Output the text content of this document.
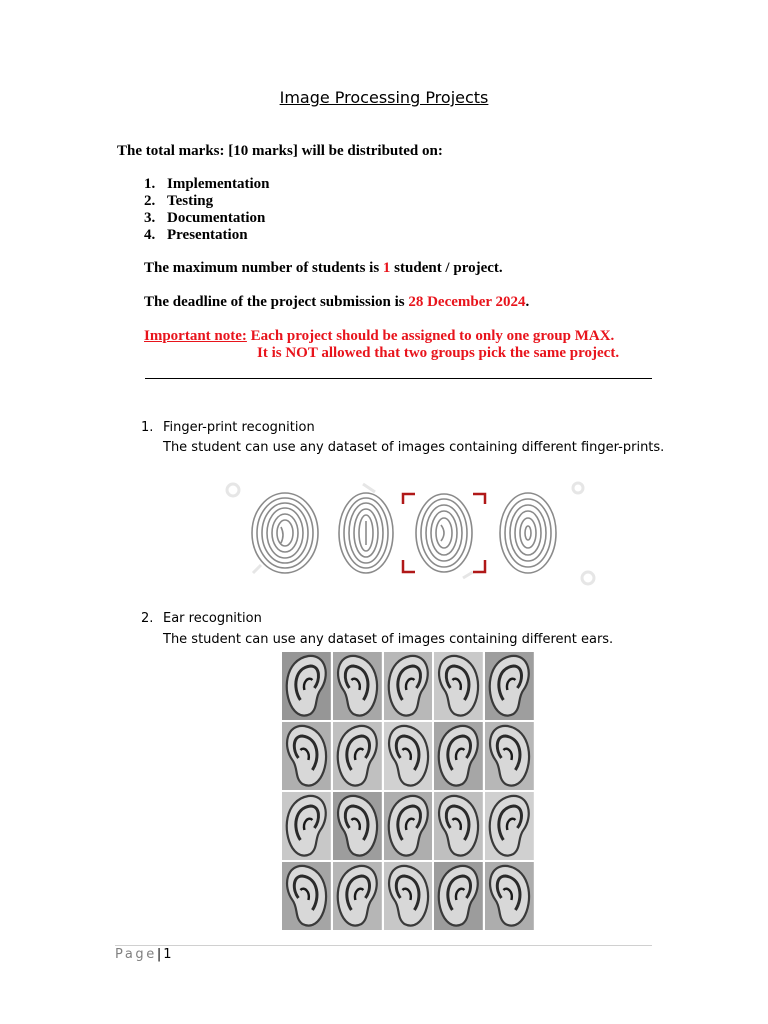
Image Processing Projects
The total marks: [10 marks] will be distributed on:
1. Implementation
2. Testing
3. Documentation
4. Presentation
The maximum number of students is 1 student / project.
The deadline of the project submission is 28 December 2024.
Important note: Each project should be assigned to only one group MAX.
It is NOT allowed that two groups pick the same project.
1. Finger-print recognition
The student can use any dataset of images containing different finger-prints.
2. Ear recognition
The student can use any dataset of images containing different ears.
Page| 1
